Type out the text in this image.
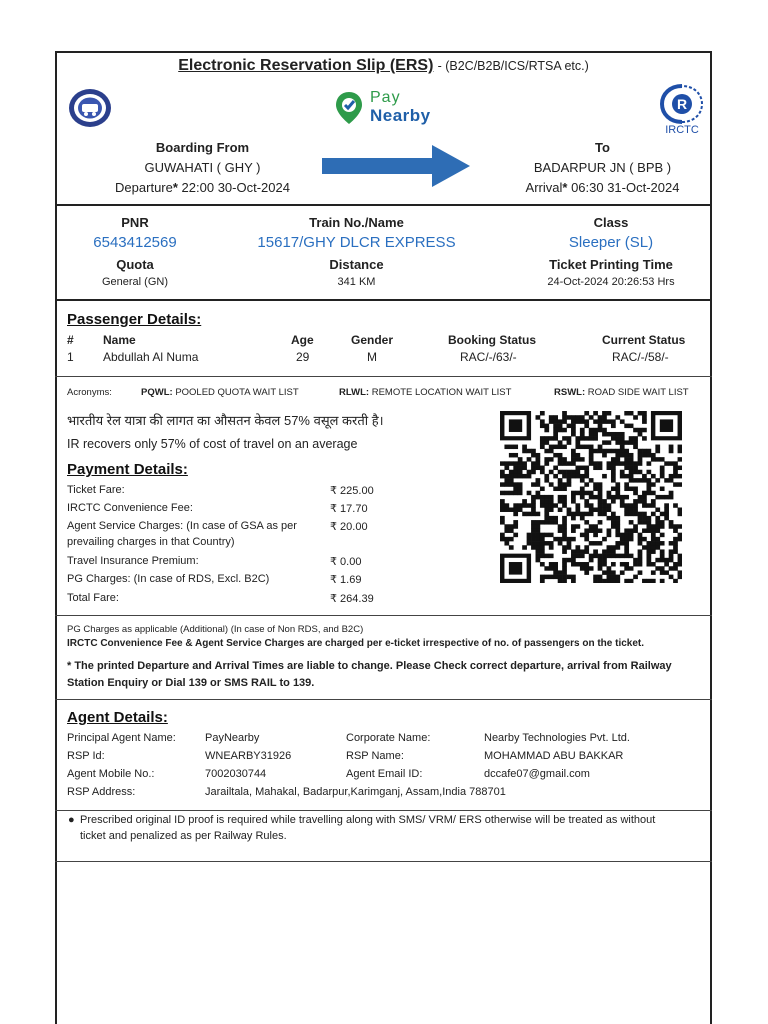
Electronic Reservation Slip (ERS) - (B2C/B2B/ICS/RTSA etc.)
Pay
Nearby
R
IRCTC
Boarding From
GUWAHATI ( GHY )
Departure* 22:00 30-Oct-2024
To
BADARPUR JN ( BPB )
Arrival* 06:30 31-Oct-2024
PNR
6543412569
Quota
General (GN)
Train No./Name
15617/GHY DLCR EXPRESS
Distance
341 KM
Class
Sleeper (SL)
Ticket Printing Time
24-Oct-2024 20:26:53 Hrs
Passenger Details:
# Name	Age	Gender	Booking Status	Current Status
1 Abdullah Al Numa	29	M	RAC/-/63/-	RAC/-/58/-
Acronyms:	PQWL: POOLED QUOTA WAIT LIST	RLWL: REMOTE LOCATION WAIT LIST	RSWL: ROAD SIDE WAIT LIST
भारतीय रेल यात्रा की लागत का औसतन केवल 57% वसूल करती है।
IR recovers only 57% of cost of travel on an average
Payment Details:
Ticket Fare:	₹ 225.00
IRCTC Convenience Fee:	₹ 17.70
Agent Service Charges: (In case of GSA as per
prevailing charges in that Country)
₹ 20.00
Travel Insurance Premium:	₹ 0.00
PG Charges: (In case of RDS, Excl. B2C)	₹ 1.69
Total Fare:	₹ 264.39
PG Charges as applicable (Additional) (In case of Non RDS, and B2C)
IRCTC Convenience Fee & Agent Service Charges are charged per e-ticket irrespective of no. of passengers on the ticket.
* The printed Departure and Arrival Times are liable to change. Please Check correct departure, arrival from Railway
Station Enquiry or Dial 139 or SMS RAIL to 139.
Agent Details:
Principal Agent Name:	PayNearby	Corporate Name:	Nearby Technologies Pvt. Ltd.
RSP Id:	WNEARBY31926	RSP Name:	MOHAMMAD ABU BAKKAR
Agent Mobile No.:	7002030744	Agent Email ID:	dccafe07@gmail.com
RSP Address:	Jarailtala, Mahakal, Badarpur,Karimganj, Assam,India 788701
● Prescribed original ID proof is required while travelling along with SMS/ VRM/ ERS otherwise will be treated as without
ticket and penalized as per Railway Rules.
